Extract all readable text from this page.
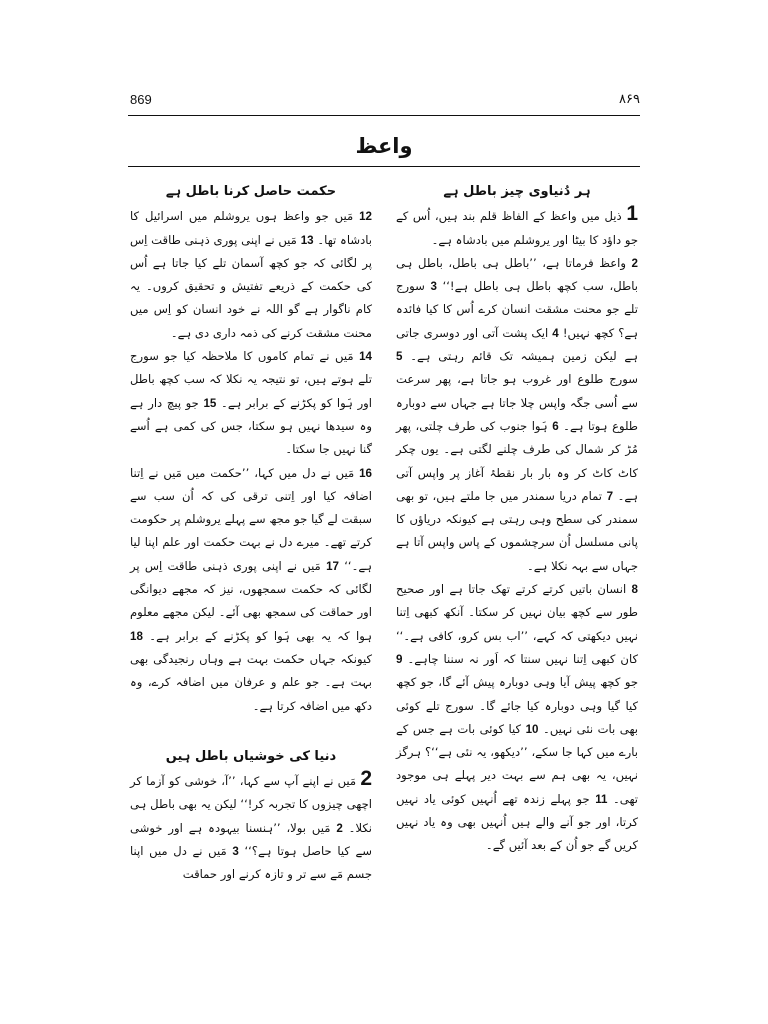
869	۸۶۹
واعظ
ہر دُنیاوی چیز باطل ہے

1 ذیل میں واعظ کے الفاظ قلم بند ہیں، اُس کے جو داؤد کا بیٹا اور یروشلم میں بادشاہ ہے۔
2 واعظ فرماتا ہے، ’’باطل ہی باطل، باطل ہی باطل، سب کچھ باطل ہی باطل ہے!‘‘ 3 سورج تلے جو محنت مشقت انسان کرے اُس کا کیا فائدہ ہے؟ کچھ نہیں! 4 ایک پشت آتی اور دوسری جاتی ہے لیکن زمین ہمیشہ تک قائم رہتی ہے۔ 5 سورج طلوع اور غروب ہو جاتا ہے، پھر سرعت سے اُسی جگہ واپس چلا جاتا ہے جہاں سے دوبارہ طلوع ہوتا ہے۔ 6 ہَوا جنوب کی طرف چلتی، پھر مُڑ کر شمال کی طرف چلنے لگتی ہے۔ یوں چکر کاٹ کاٹ کر وہ بار بار نقطۂ آغاز پر واپس آتی ہے۔ 7 تمام دریا سمندر میں جا ملتے ہیں، تو بھی سمندر کی سطح وہی رہتی ہے کیونکہ دریاؤں کا پانی مسلسل اُن سرچشموں کے پاس واپس آتا ہے جہاں سے بہہ نکلا ہے۔
8 انسان باتیں کرتے کرتے تھک جاتا ہے اور صحیح طور سے کچھ بیان نہیں کر سکتا۔ آنکھ کبھی اِتنا نہیں دیکھتی کہ کہے، ’’اب بس کرو، کافی ہے۔‘‘ کان کبھی اِتنا نہیں سنتا کہ اَور نہ سننا چاہے۔ 9 جو کچھ پیش آیا وہی دوبارہ پیش آئے گا، جو کچھ کیا گیا وہی دوبارہ کیا جائے گا۔ سورج تلے کوئی بھی بات نئی نہیں۔ 10 کیا کوئی بات ہے جس کے بارے میں کہا جا سکے، ’’دیکھو، یہ نئی ہے‘‘؟ ہرگز نہیں، یہ بھی ہم سے بہت دیر پہلے ہی موجود تھی۔ 11 جو پہلے زندہ تھے اُنہیں کوئی یاد نہیں کرتا، اور جو آنے والے ہیں اُنہیں بھی وہ یاد نہیں کریں گے جو اُن کے بعد آئیں گے۔

حکمت حاصل کرنا باطل ہے

12 مَیں جو واعظ ہوں یروشلم میں اسرائیل کا بادشاہ تھا۔ 13 مَیں نے اپنی پوری ذہنی طاقت اِس پر لگائی کہ جو کچھ آسمان تلے کیا جاتا ہے اُس کی حکمت کے ذریعے تفتیش و تحقیق کروں۔ یہ کام ناگوار ہے گو اللہ نے خود انسان کو اِس میں محنت مشقت کرنے کی ذمہ داری دی ہے۔
14 مَیں نے تمام کاموں کا ملاحظہ کیا جو سورج تلے ہوتے ہیں، تو نتیجہ یہ نکلا کہ سب کچھ باطل اور ہَوا کو پکڑنے کے برابر ہے۔ 15 جو پیچ دار ہے وہ سیدھا نہیں ہو سکتا، جس کی کمی ہے اُسے گنا نہیں جا سکتا۔
16 مَیں نے دل میں کہا، ’’حکمت میں مَیں نے اِتنا اضافہ کیا اور اِتنی ترقی کی کہ اُن سب سے سبقت لے گیا جو مجھ سے پہلے یروشلم پر حکومت کرتے تھے۔ میرے دل نے بہت حکمت اور علم اپنا لیا ہے۔‘‘ 17 مَیں نے اپنی پوری ذہنی طاقت اِس پر لگائی کہ حکمت سمجھوں، نیز کہ مجھے دیوانگی اور حماقت کی سمجھ بھی آئے۔ لیکن مجھے معلوم ہوا کہ یہ بھی ہَوا کو پکڑنے کے برابر ہے۔ 18 کیونکہ جہاں حکمت بہت ہے وہاں رنجیدگی بھی بہت ہے۔ جو علم و عرفان میں اضافہ کرے، وہ دکھ میں اضافہ کرتا ہے۔

دنیا کی خوشیاں باطل ہیں

2 مَیں نے اپنے آپ سے کہا، ’’آ، خوشی کو آزما کر اچھی چیزوں کا تجربہ کر!‘‘ لیکن یہ بھی باطل ہی نکلا۔ 2 مَیں بولا، ’’ہنسنا بیہودہ ہے اور خوشی سے کیا حاصل ہوتا ہے؟‘‘ 3 مَیں نے دل میں اپنا جسم مَے سے تر و تازہ کرنے اور حماقت
